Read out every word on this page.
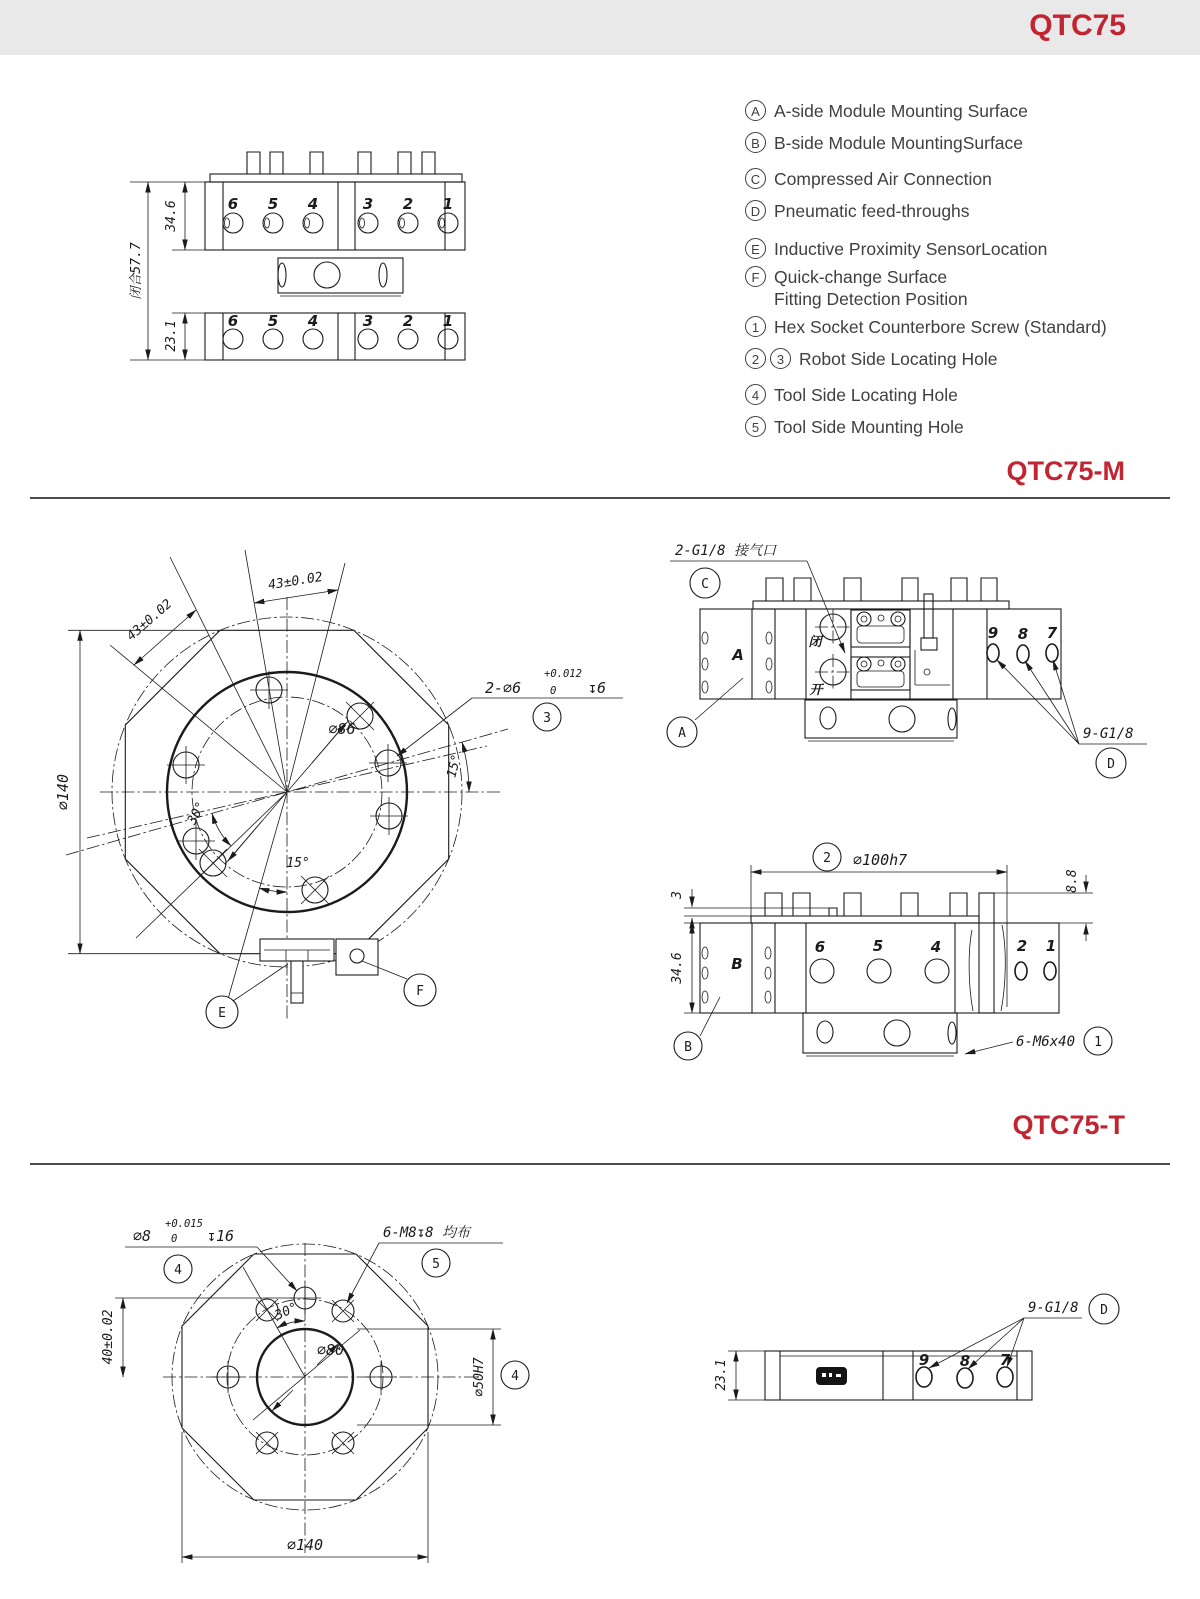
QTC75
A A-side Module Mounting Surface
B B-side Module MountingSurface
C Compressed Air Connection
D Pneumatic feed-throughs
E Inductive Proximity SensorLocation
F Quick-change Surface
Fitting Detection Position
1 Hex Socket Counterbore Screw (Standard)
2	3 Robot Side Locating Hole
4 Tool Side Locating Hole
5 Tool Side Mounting Hole
QTC75-M
QTC75-T
6 5 4	3 2 1
6 5 4	3 2 1
闭合57.7
34.6
23.1
43±0.02
43±0.02
∅140
∅86
15°
30°
15°
2-∅6
+0.012
0 ↧6
3
E
F
A
闭
开
9 8 7
2-G1/8 接气口
C
A	9-G1/8
D
B
6	5	4	2 1
∅100h7
2
8.8
3
34.6
6-M6x40 1
B
∅80
30°
40±0.02
∅50H7 4
∅140
∅8
+0.015
0 ↧16
4
6-M8↧8 均布
5
9 8 7
23.1
9-G1/8 D
